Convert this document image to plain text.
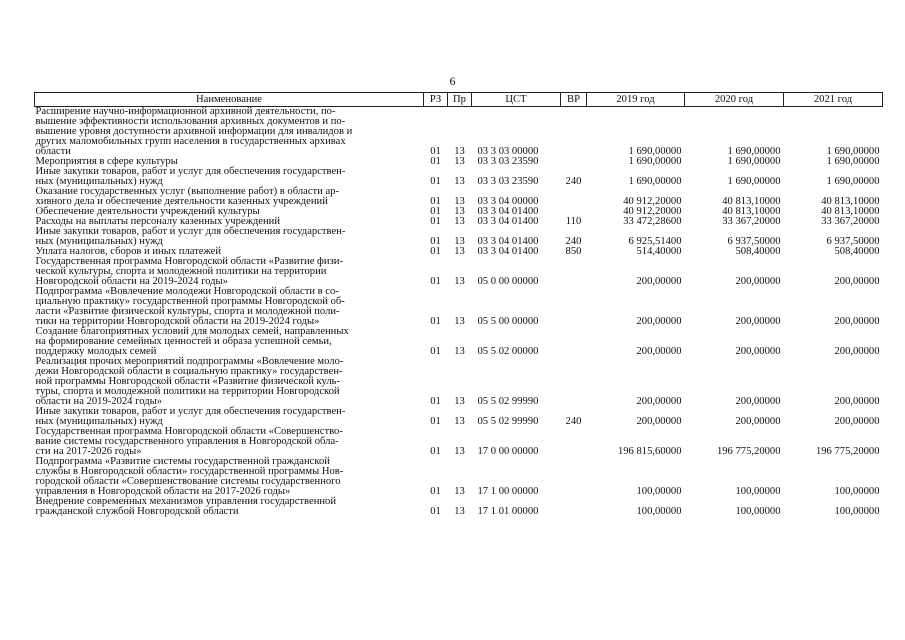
6
Наименование	РЗ	Пр	ЦСТ	ВР	2019 год	2020 год	2021 год
Расширение научно-информационной архивной деятельности, по-
вышение эффективности использования архивных документов и по-
вышение уровня доступности архивной информации для инвалидов и
других маломобильных групп населения в государственных архивах
области	01	13	03 3 03 00000		1 690,00000	1 690,00000	1 690,00000
Мероприятия в сфере культуры	01	13	03 3 03 23590		1 690,00000	1 690,00000	1 690,00000
Иные закупки товаров, работ и услуг для обеспечения государствен-
ных (муниципальных) нужд	01	13	03 3 03 23590	240	1 690,00000	1 690,00000	1 690,00000
Оказание государственных услуг (выполнение работ) в области ар-
хивного дела и обеспечение деятельности казенных учреждений	01	13	03 3 04 00000		40 912,20000	40 813,10000	40 813,10000
Обеспечение деятельности учреждений культуры	01	13	03 3 04 01400		40 912,20000	40 813,10000	40 813,10000
Расходы на выплаты персоналу казенных учреждений	01	13	03 3 04 01400	110	33 472,28600	33 367,20000	33 367,20000
Иные закупки товаров, работ и услуг для обеспечения государствен-
ных (муниципальных) нужд	01	13	03 3 04 01400	240	6 925,51400	6 937,50000	6 937,50000
Уплата налогов, сборов и иных платежей	01	13	03 3 04 01400	850	514,40000	508,40000	508,40000
Государственная программа Новгородской области «Развитие физи-
ческой культуры, спорта и молодежной политики на территории
Новгородской области на 2019-2024 годы»	01	13	05 0 00 00000		200,00000	200,00000	200,00000
Подпрограмма «Вовлечение молодежи Новгородской области в со-
циальную практику» государственной программы Новгородской об-
ласти «Развитие физической культуры, спорта и молодежной поли-
тики на территории Новгородской области на 2019-2024 годы»	01	13	05 5 00 00000		200,00000	200,00000	200,00000
Создание благоприятных условий для молодых семей, направленных
на формирование семейных ценностей и образа успешной семьи,
поддержку молодых семей	01	13	05 5 02 00000		200,00000	200,00000	200,00000
Реализация прочих мероприятий подпрограммы «Вовлечение моло-
дежи Новгородской области в социальную практику» государствен-
ной программы Новгородской области «Развитие физической куль-
туры, спорта и молодежной политики на территории Новгородской
области на 2019-2024 годы»	01	13	05 5 02 99990		200,00000	200,00000	200,00000
Иные закупки товаров, работ и услуг для обеспечения государствен-
ных (муниципальных) нужд	01	13	05 5 02 99990	240	200,00000	200,00000	200,00000
Государственная программа Новгородской области «Совершенство-
вание системы государственного управления в Новгородской обла-
сти на 2017-2026 годы»	01	13	17 0 00 00000		196 815,60000	196 775,20000	196 775,20000
Подпрограмма «Развитие системы государственной гражданской
службы в Новгородской области» государственной программы Нов-
городской области «Совершенствование системы государственного
управления в Новгородской области на 2017-2026 годы»	01	13	17 1 00 00000		100,00000	100,00000	100,00000
Внедрение современных механизмов управления государственной
гражданской службой Новгородской области	01	13	17 1 01 00000		100,00000	100,00000	100,00000
